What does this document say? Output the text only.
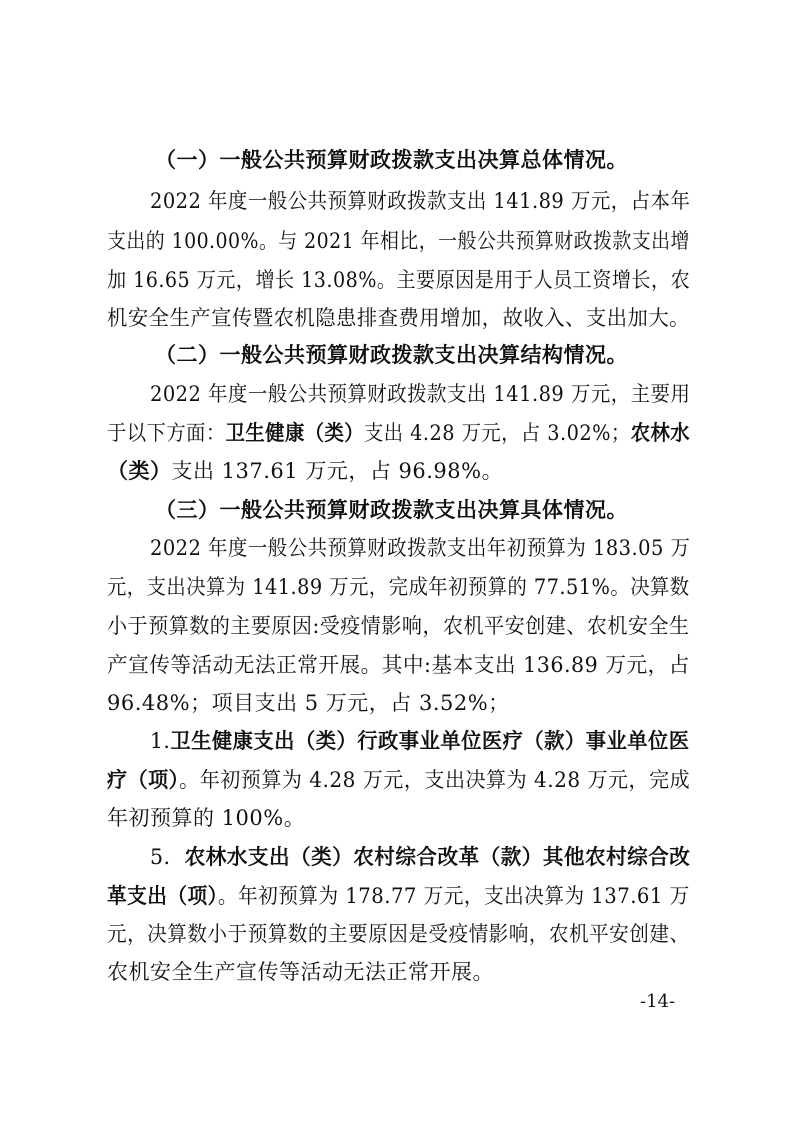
（一）一般公共预算财政拨款支出决算总体情况。
2022 年度一般公共预算财政拨款支出 141.89 万元，占本年
支出的 100.00%。与 2021 年相比，一般公共预算财政拨款支出增
加 16.65 万元，增长 13.08%。主要原因是用于人员工资增长，农
机安全生产宣传暨农机隐患排查费用增加，故收入、支出加大。
（二）一般公共预算财政拨款支出决算结构情况。
2022 年度一般公共预算财政拨款支出 141.89 万元，主要用
于以下方面：卫生健康（类）支出 4.28 万元，占 3.02%；农林水
（类）支出 137.61 万元，占 96.98%。
（三）一般公共预算财政拨款支出决算具体情况。
2022 年度一般公共预算财政拨款支出年初预算为 183.05 万
元，支出决算为 141.89 万元，完成年初预算的 77.51%。决算数
小于预算数的主要原因:受疫情影响，农机平安创建、农机安全生
产宣传等活动无法正常开展。其中:基本支出 136.89 万元，占
96.48%；项目支出 5 万元，占 3.52%；
1.卫生健康支出（类）行政事业单位医疗（款）事业单位医
疗（项）。年初预算为 4.28 万元，支出决算为 4.28 万元，完成
年初预算的 100%。
5．农林水支出（类）农村综合改革（款）其他农村综合改
革支出（项）。年初预算为 178.77 万元，支出决算为 137.61 万
元，决算数小于预算数的主要原因是受疫情影响，农机平安创建、
农机安全生产宣传等活动无法正常开展。
-14-
